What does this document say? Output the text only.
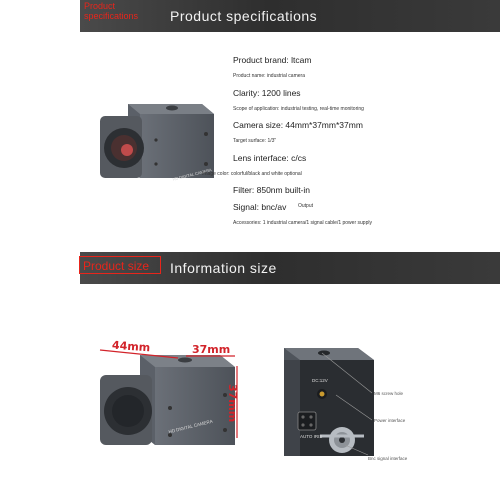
Product specifications	Product specifications
HD DIGITAL CAMERA
Product brand: ltcam
Product name: industrial camera
Clarity: 1200 lines
Scope of application: industrial testing, real-time monitoring
Camera size: 44mm*37mm*37mm
Target surface: 1/3"
Lens interface: c/cs
Image color: colorful/black and white optional
Filter: 850nm built-in
Signal: bnc/av Output
Accessories: 1 industrial camera/1 signal cable/1 power supply
Product size	Information size
HD DIGITAL CAMERA
44mm	37mm
37mm
DC:12V
AUTO IRIS
M6 screw hole
Power interface
Bnc signal interface
